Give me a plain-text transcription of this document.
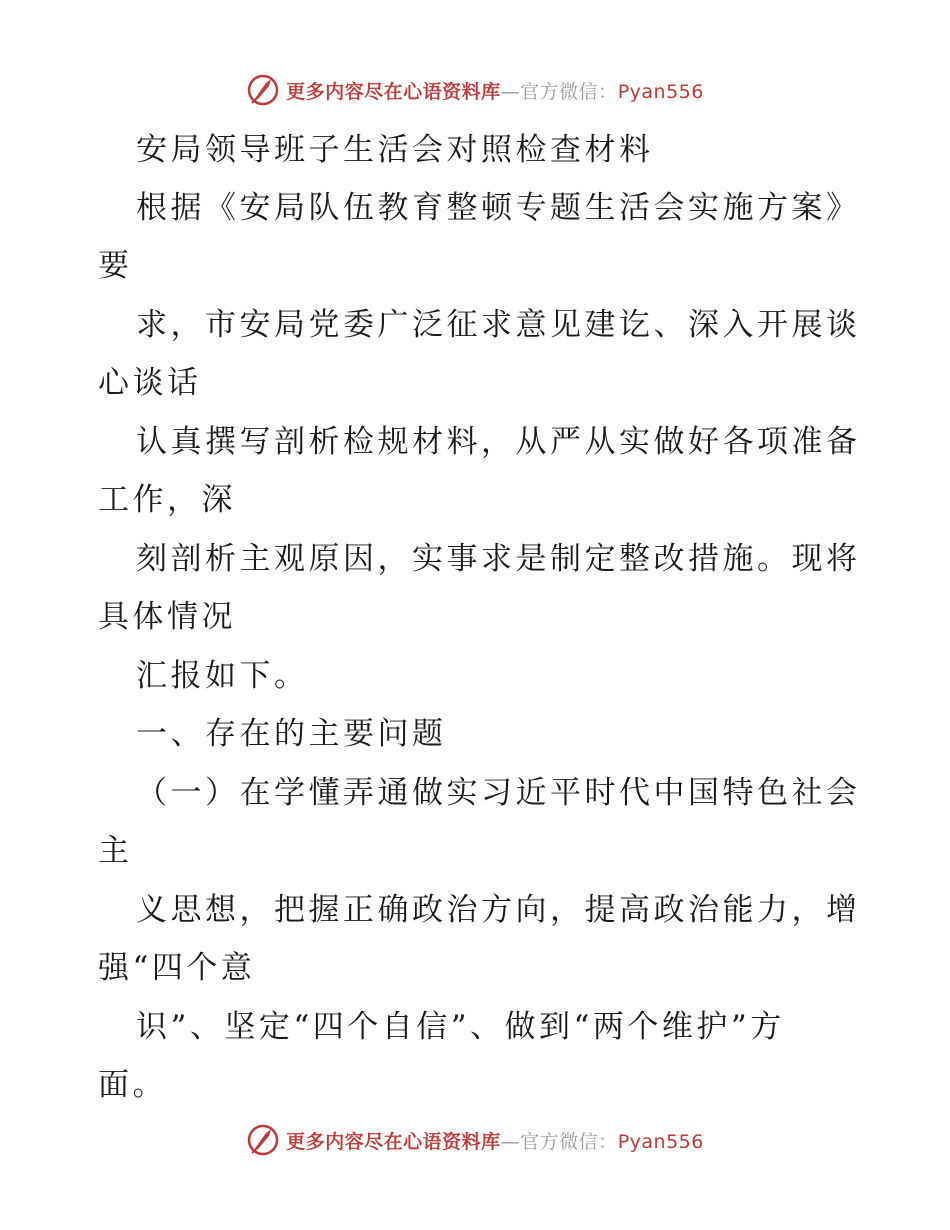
更多内容尽在心语资料库—官方微信：Pyan556
安局领导班子生活会对照检查材料
根据《安局队伍教育整顿专题生活会实施方案》
要
求，市安局党委广泛征求意见建讫、深入开展谈
心谈话
认真撰写剖析检规材料，从严从实做好各项准备
工作，深
刻剖析主观原因，实事求是制定整改措施。现将
具体情况
汇报如下。
一、存在的主要问题
（一）在学懂弄通做实习近平时代中国特色社会
主
义思想，把握正确政治方向，提高政治能力，增
强“四个意
识”、坚定“四个自信”、做到“两个维护”方
面。
更多内容尽在心语资料库—官方微信：Pyan556
